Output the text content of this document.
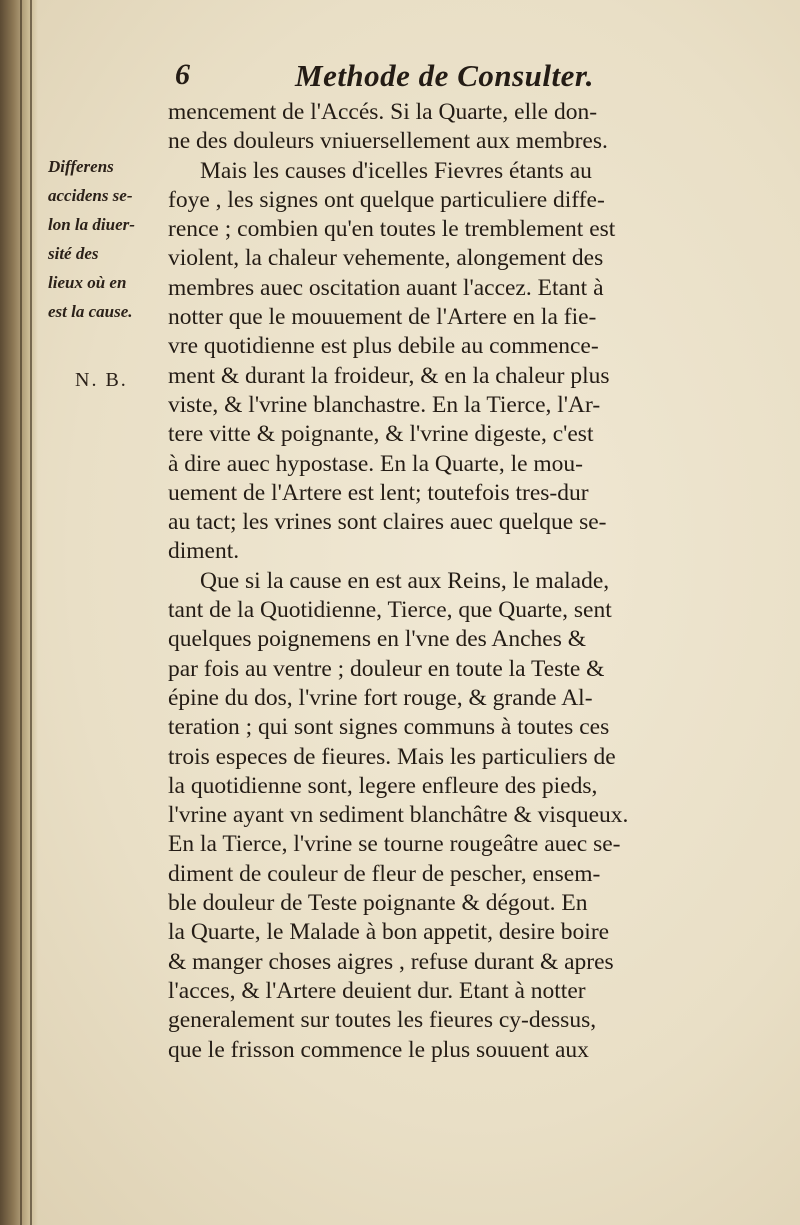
6	Methode de Consulter.
Differens
accidens se-
lon la diuer-
sité des
lieux où en
est la cause.
N. B.
mencement de l'Accés. Si la Quarte, elle don-
ne des douleurs vniuersellement aux membres.
Mais les causes d'icelles Fievres étants au
foye , les signes ont quelque particuliere diffe-
rence ; combien qu'en toutes le tremblement est
violent, la chaleur vehemente, alongement des
membres auec oscitation auant l'accez. Etant à
notter que le mouuement de l'Artere en la fie-
vre quotidienne est plus debile au commence-
ment & durant la froideur, & en la chaleur plus
viste, & l'vrine blanchastre. En la Tierce, l'Ar-
tere vitte & poignante, & l'vrine digeste, c'est
à dire auec hypostase. En la Quarte, le mou-
uement de l'Artere est lent; toutefois tres-dur
au tact; les vrines sont claires auec quelque se-
diment.
Que si la cause en est aux Reins, le malade,
tant de la Quotidienne, Tierce, que Quarte, sent
quelques poignemens en l'vne des Anches &
par fois au ventre ; douleur en toute la Teste &
épine du dos, l'vrine fort rouge, & grande Al-
teration ; qui sont signes communs à toutes ces
trois especes de fieures. Mais les particuliers de
la quotidienne sont, legere enfleure des pieds,
l'vrine ayant vn sediment blanchâtre & visqueux.
En la Tierce, l'vrine se tourne rougeâtre auec se-
diment de couleur de fleur de pescher, ensem-
ble douleur de Teste poignante & dégout. En
la Quarte, le Malade à bon appetit, desire boire
& manger choses aigres , refuse durant & apres
l'acces, & l'Artere deuient dur. Etant à notter
generalement sur toutes les fieures cy-dessus,
que le frisson commence le plus souuent aux
